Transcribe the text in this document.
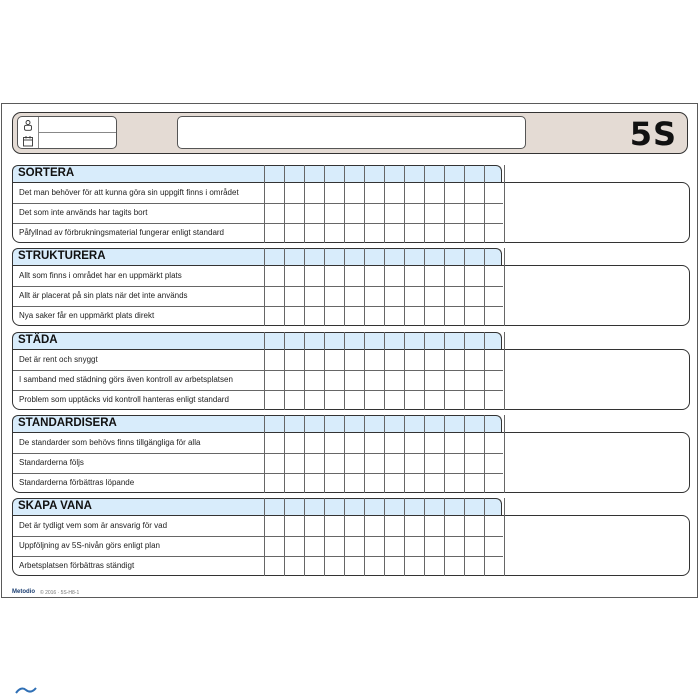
5S
SORTERA
Det man behöver för att kunna göra sin uppgift finns i området
Det som inte används har tagits bort
Påfyllnad av förbrukningsmaterial fungerar enligt standard
STRUKTURERA
Allt som finns i området har en uppmärkt plats
Allt är placerat på sin plats när det inte används
Nya saker får en uppmärkt plats direkt
STÄDA
Det är rent och snyggt
I samband med städning görs även kontroll av arbetsplatsen
Problem som upptäcks vid kontroll hanteras enligt standard
STANDARDISERA
De standarder som behövs finns tillgängliga för alla
Standarderna följs
Standarderna förbättras löpande
SKAPA VANA
Det är tydligt vem som är ansvarig för vad
Uppföljning av 5S-nivån görs enligt plan
Arbetsplatsen förbättras ständigt
Metodio © 2016 · 5S-H8-1
